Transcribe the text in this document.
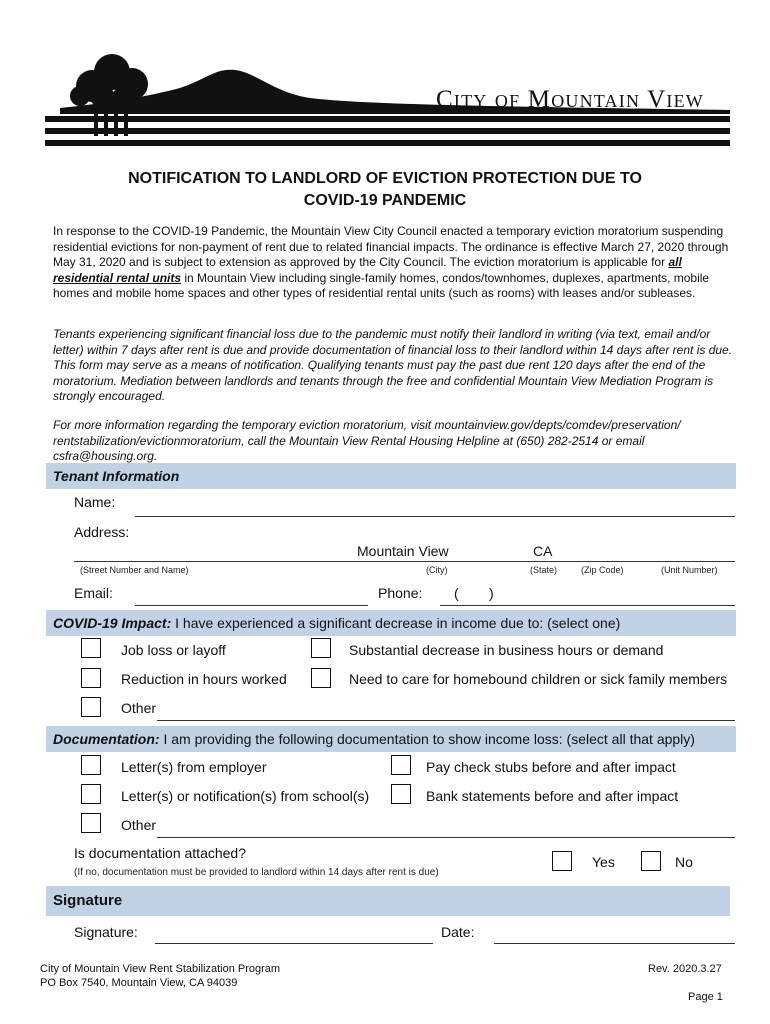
City of Mountain View
NOTIFICATION TO LANDLORD OF EVICTION PROTECTION DUE TO
COVID-19 PANDEMIC
In response to the COVID-19 Pandemic, the Mountain View City Council enacted a temporary eviction moratorium suspending residential evictions for non-payment of rent due to related financial impacts. The ordinance is effective March 27, 2020 through May 31, 2020 and is subject to extension as approved by the City Council. The eviction moratorium is applicable for all residential rental units in Mountain View including single-family homes, condos/townhomes, duplexes, apartments, mobile homes and mobile home spaces and other types of residential rental units (such as rooms) with leases and/or subleases.
Tenants experiencing significant financial loss due to the pandemic must notify their landlord in writing (via text, email and/or letter) within 7 days after rent is due and provide documentation of financial loss to their landlord within 14 days after rent is due. This form may serve as a means of notification. Qualifying tenants must pay the past due rent 120 days after the end of the moratorium. Mediation between landlords and tenants through the free and confidential Mountain View Mediation Program is strongly encouraged.
For more information regarding the temporary eviction moratorium, visit mountainview.gov/depts/comdev/preservation/ rentstabilization/evictionmoratorium, call the Mountain View Rental Housing Helpline at (650) 282-2514 or email csfra@housing.org.
Tenant Information
Name:
Address:
Mountain View	CA
(Street Number and Name)	(City)	(State)	(Zip Code)	(Unit Number)
Email:	Phone: ( )
COVID-19 Impact: I have experienced a significant decrease in income due to: (select one)
Job loss or layoff	Substantial decrease in business hours or demand
Reduction in hours worked	Need to care for homebound children or sick family members
Other
Documentation: I am providing the following documentation to show income loss: (select all that apply)
Letter(s) from employer	Pay check stubs before and after impact
Letter(s) or notification(s) from school(s)	Bank statements before and after impact
Other
Is documentation attached?
(If no, documentation must be provided to landlord within 14 days after rent is due)
Yes	No
Signature
Signature:	Date:
City of Mountain View Rent Stabilization Program
PO Box 7540, Mountain View, CA 94039
Rev. 2020.3.27
Page 1
